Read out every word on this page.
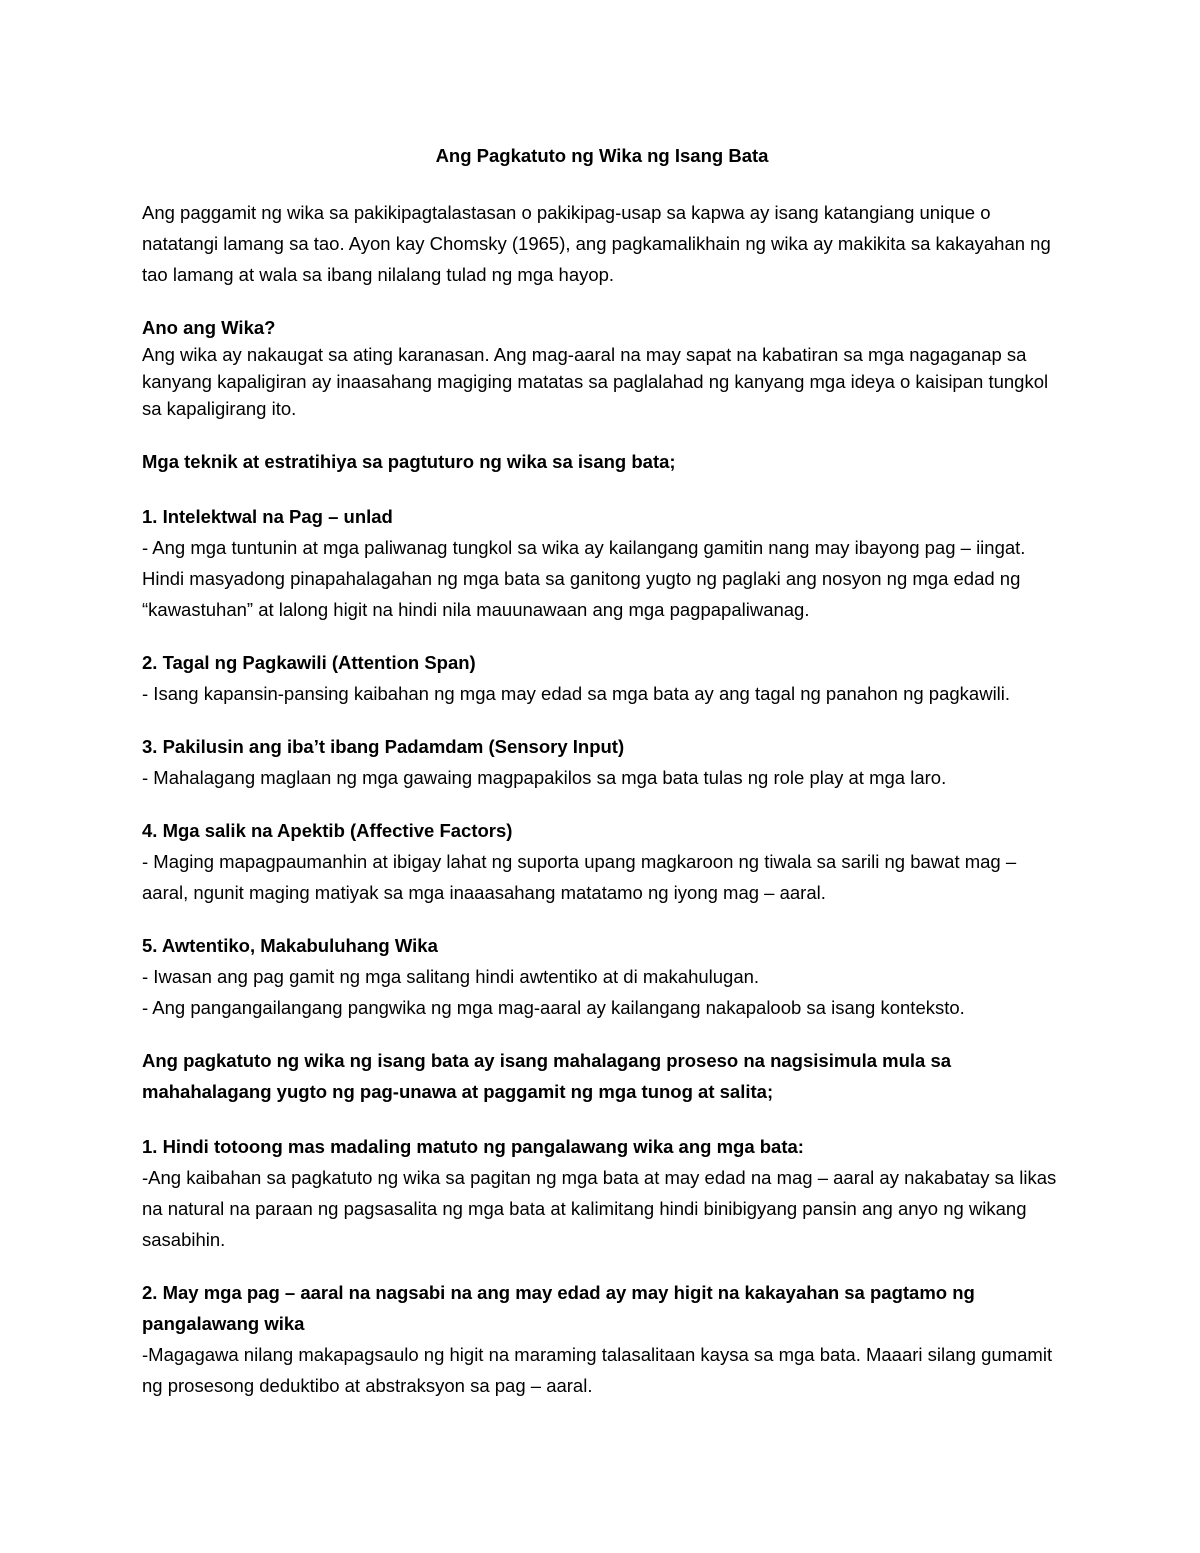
Ang Pagkatuto ng Wika ng Isang Bata

Ang paggamit ng wika sa pakikipagtalastasan o pakikipag-usap sa kapwa ay isang katangiang unique o natatangi lamang sa tao. Ayon kay Chomsky (1965), ang pagkamalikhain ng wika ay makikita sa kakayahan ng tao lamang at wala sa ibang nilalang tulad ng mga hayop.

Ano ang Wika?
Ang wika ay nakaugat sa ating karanasan. Ang mag-aaral na may sapat na kabatiran sa mga nagaganap sa kanyang kapaligiran ay inaasahang magiging matatas sa paglalahad ng kanyang mga ideya o kaisipan tungkol sa kapaligirang ito.

Mga teknik at estratihiya sa pagtuturo ng wika sa isang bata;

1. Intelektwal na Pag – unlad
- Ang mga tuntunin at mga paliwanag tungkol sa wika ay kailangang gamitin nang may ibayong pag – iingat. Hindi masyadong pinapahalagahan ng mga bata sa ganitong yugto ng paglaki ang nosyon ng mga edad ng “kawastuhan” at lalong higit na hindi nila mauunawaan ang mga pagpapaliwanag.
2. Tagal ng Pagkawili (Attention Span)
- Isang kapansin-pansing kaibahan ng mga may edad sa mga bata ay ang tagal ng panahon ng pagkawili.
3. Pakilusin ang iba’t ibang Padamdam (Sensory Input)
- Mahalagang maglaan ng mga gawaing magpapakilos sa mga bata tulas ng role play at mga laro.
4. Mga salik na Apektib (Affective Factors)
- Maging mapagpaumanhin at ibigay lahat ng suporta upang magkaroon ng tiwala sa sarili ng bawat mag – aaral, ngunit maging matiyak sa mga inaaasahang matatamo ng iyong mag – aaral.
5. Awtentiko, Makabuluhang Wika
- Iwasan ang pag gamit ng mga salitang hindi awtentiko at di makahulugan.
- Ang pangangailangang pangwika ng mga mag-aaral ay kailangang nakapaloob sa isang konteksto.

Ang pagkatuto ng wika ng isang bata ay isang mahalagang proseso na nagsisimula mula sa mahahalagang yugto ng pag-unawa at paggamit ng mga tunog at salita;

1. Hindi totoong mas madaling matuto ng pangalawang wika ang mga bata:
-Ang kaibahan sa pagkatuto ng wika sa pagitan ng mga bata at may edad na mag – aaral ay nakabatay sa likas na natural na paraan ng pagsasalita ng mga bata at kalimitang hindi binibigyang pansin ang anyo ng wikang sasabihin.
2. May mga pag – aaral na nagsabi na ang may edad ay may higit na kakayahan sa pagtamo ng pangalawang wika
-Magagawa nilang makapagsaulo ng higit na maraming talasalitaan kaysa sa mga bata. Maaari silang gumamit ng prosesong deduktibo at abstraksyon sa pag – aaral.
